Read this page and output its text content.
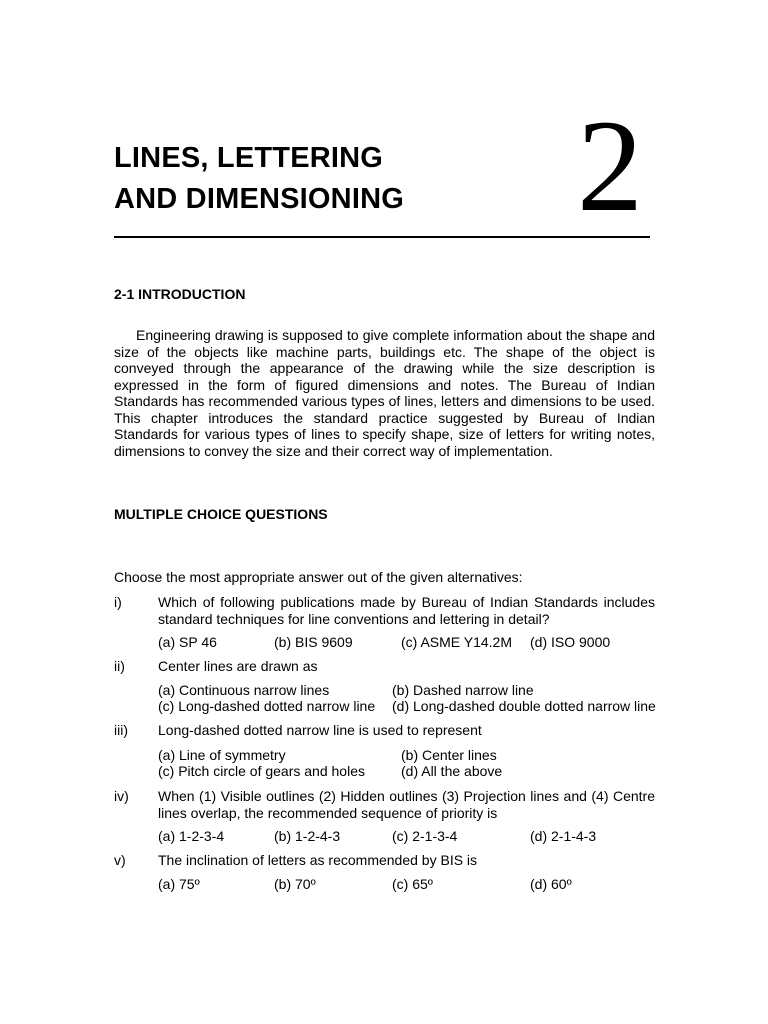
LINES, LETTERING
AND DIMENSIONING 2
2-1 INTRODUCTION

Engineering drawing is supposed to give complete information about the shape and size of the objects like machine parts, buildings etc. The shape of the object is conveyed through the appearance of the drawing while the size description is expressed in the form of figured dimensions and notes. The Bureau of Indian Standards has recommended various types of lines, letters and dimensions to be used. This chapter introduces the standard practice suggested by Bureau of Indian Standards for various types of lines to specify shape, size of letters for writing notes, dimensions to convey the size and their correct way of implementation.

MULTIPLE CHOICE QUESTIONS
Choose the most appropriate answer out of the given alternatives:
i)	Which of following publications made by Bureau of Indian Standards includes standard techniques for line conventions and lettering in detail?
(a) SP 46	(b) BIS 9609	(c) ASME Y14.2M (d) ISO 9000
ii) Center lines are drawn as
(a) Continuous narrow lines	(b) Dashed narrow line
(c) Long-dashed dotted narrow line (d) Long-dashed double dotted narrow line
iii) Long-dashed dotted narrow line is used to represent
(a) Line of symmetry	(b) Center lines
(c) Pitch circle of gears and holes	(d) All the above
iv) When (1) Visible outlines (2) Hidden outlines (3) Projection lines and (4) Centre lines overlap, the recommended sequence of priority is
(a) 1-2-3-4	(b) 1-2-4-3	(c) 2-1-3-4	(d) 2-1-4-3
v) The inclination of letters as recommended by BIS is
(a) 75º	(b) 70º	(c) 65º	(d) 60º
